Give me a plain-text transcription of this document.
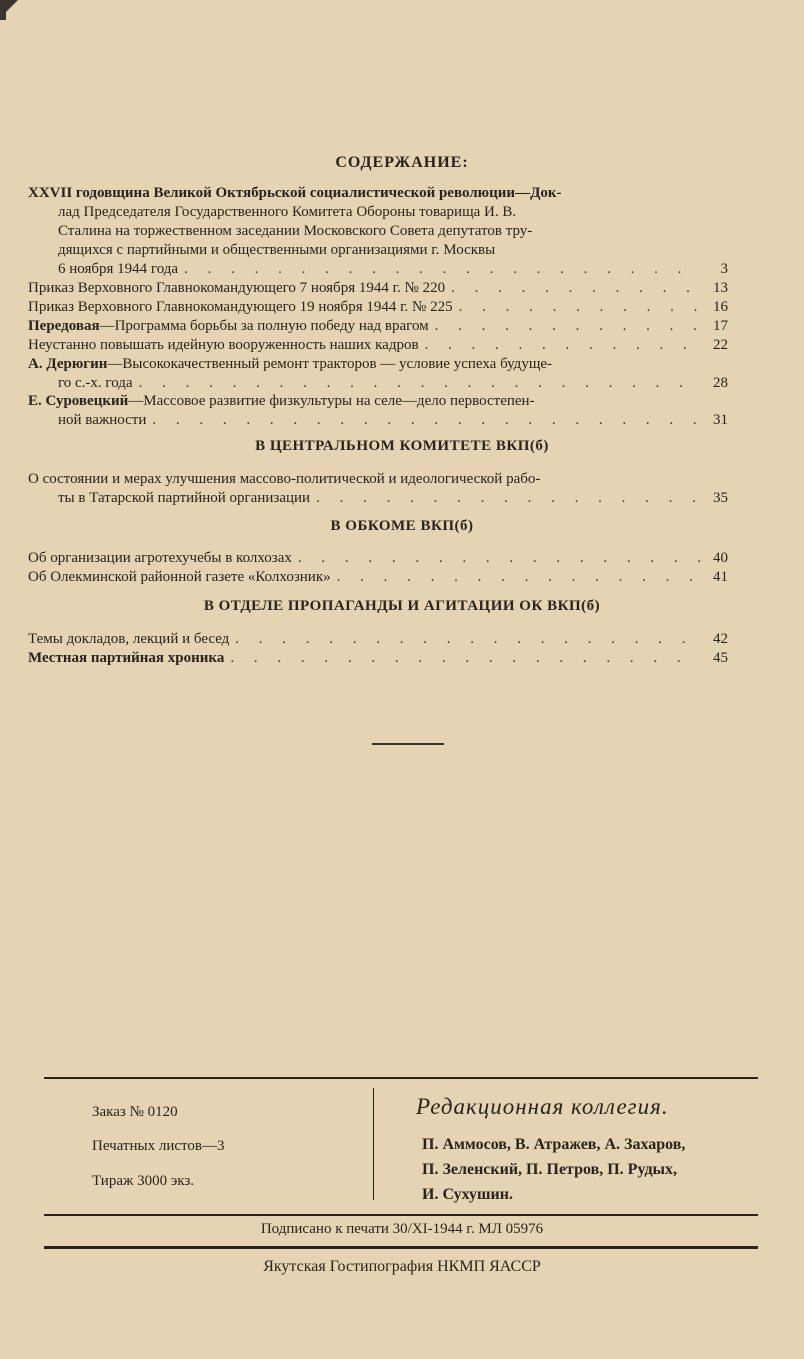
СОДЕРЖАНИЕ:
XXVII годовщина Великой Октябрьской социалистической революции—Док-
лад Председателя Государственного Комитета Обороны товарища И. В.
Сталина на торжественном заседании Московского Совета депутатов тру-
дящихся с партийными и общественными организациями г. Москвы
6 ноября 1944 года . . .	3
Приказ Верховного Главнокомандующего 7 ноября 1944 г. № 220 . . .	13
Приказ Верховного Главнокомандующего 19 ноября 1944 г. № 225 . . .	16
Передовая—Программа борьбы за полную победу над врагом . . .	17
Неустанно повышать идейную вооруженность наших кадров . . .	22
А. Дерюгин—Высококачественный ремонт тракторов — условие успеха будуще-
го с.-х. года . . .	28
Е. Суровецкий—Массовое развитие физкультуры на селе—дело первостепен-
ной важности . . .	31
В ЦЕНТРАЛЬНОМ КОМИТЕТЕ ВКП(б)
О состоянии и мерах улучшения массово-политической и идеологической рабо-
ты в Татарской партийной организации . . .	35
В ОБКОМЕ ВКП(б)
Об организации агротехучебы в колхозах . . .	40
Об Олекминской районной газете «Колхозник» . . .	41
В ОТДЕЛЕ ПРОПАГАНДЫ И АГИТАЦИИ ОК ВКП(б)
Темы докладов, лекций и бесед . . .	42
Местная партийная хроника . . .	45
Заказ № 0120
Печатных листов—3
Тираж 3000 экз.
Редакционная коллегия.
П. Аммосов, В. Атражев, А. Захаров,
П. Зеленский, П. Петров, П. Рудых,
И. Сухушин.
Подписано к печати 30/XI-1944 г. МЛ 05976
Якутская Гостипография НКМП ЯАССР
